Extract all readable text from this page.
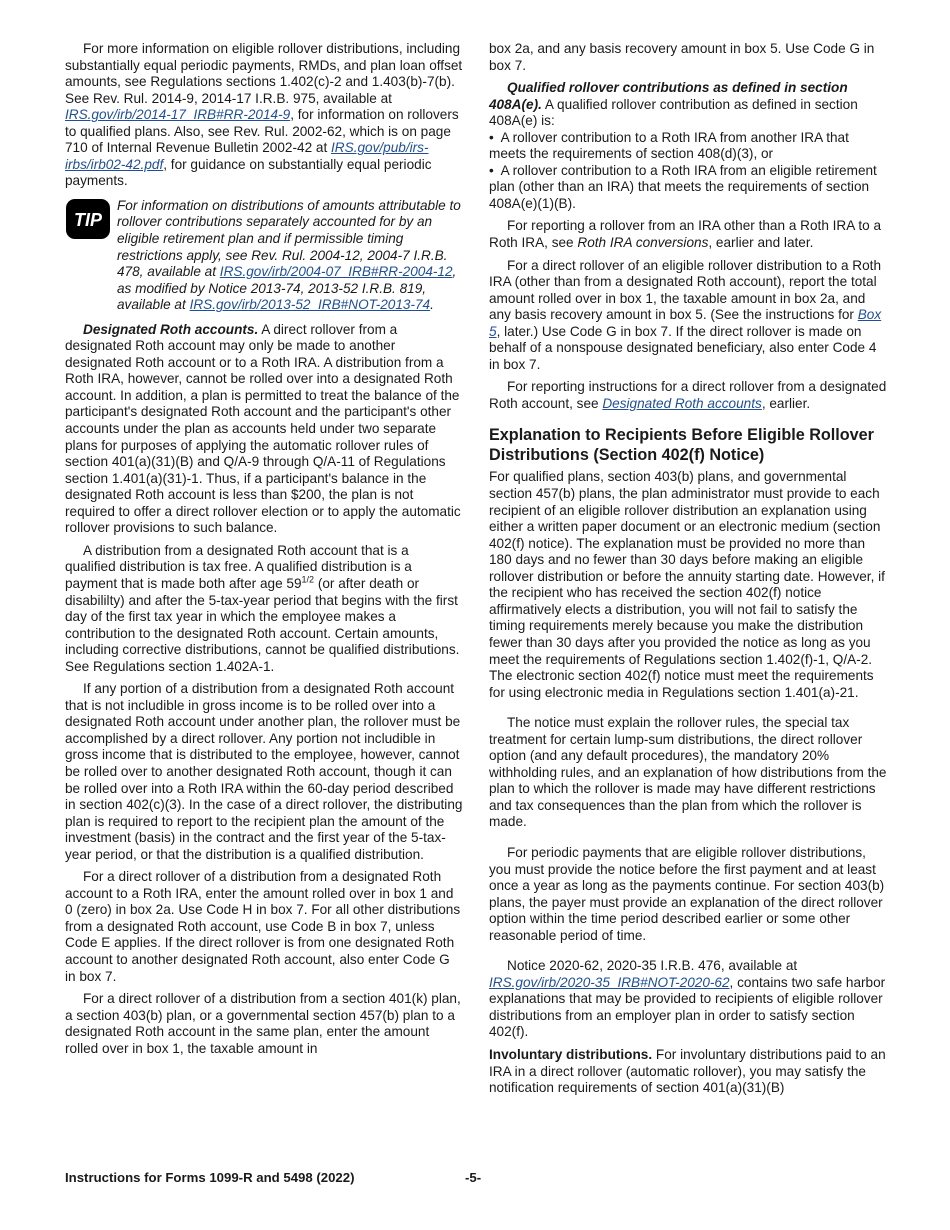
For more information on eligible rollover distributions, including substantially equal periodic payments, RMDs, and plan loan offset amounts, see Regulations sections 1.402(c)-2 and 1.403(b)-7(b). See Rev. Rul. 2014-9, 2014-17 I.R.B. 975, available at IRS.gov/irb/2014-17_IRB#RR-2014-9, for information on rollovers to qualified plans. Also, see Rev. Rul. 2002-62, which is on page 710 of Internal Revenue Bulletin 2002-42 at IRS.gov/pub/irs-irbs/irb02-42.pdf, for guidance on substantially equal periodic payments.

TIP
For information on distributions of amounts attributable to rollover contributions separately accounted for by an eligible retirement plan and if permissible timing restrictions apply, see Rev. Rul. 2004-12, 2004-7 I.R.B. 478, available at IRS.gov/irb/2004-07_IRB#RR-2004-12, as modified by Notice 2013-74, 2013-52 I.R.B. 819, available at IRS.gov/irb/2013-52_IRB#NOT-2013-74.

Designated Roth accounts. A direct rollover from a designated Roth account may only be made to another designated Roth account or to a Roth IRA. A distribution from a Roth IRA, however, cannot be rolled over into a designated Roth account. In addition, a plan is permitted to treat the balance of the participant's designated Roth account and the participant's other accounts under the plan as accounts held under two separate plans for purposes of applying the automatic rollover rules of section 401(a)(31)(B) and Q/A-9 through Q/A-11 of Regulations section 1.401(a)(31)-1. Thus, if a participant's balance in the designated Roth account is less than $200, the plan is not required to offer a direct rollover election or to apply the automatic rollover provisions to such balance.

A distribution from a designated Roth account that is a qualified distribution is tax free. A qualified distribution is a payment that is made both after age $59^{1/2}$ (or after death or disabililty) and after the 5-tax-year period that begins with the first day of the first tax year in which the employee makes a contribution to the designated Roth account. Certain amounts, including corrective distributions, cannot be qualified distributions. See Regulations section 1.402A-1.

If any portion of a distribution from a designated Roth account that is not includible in gross income is to be rolled over into a designated Roth account under another plan, the rollover must be accomplished by a direct rollover. Any portion not includible in gross income that is distributed to the employee, however, cannot be rolled over to another designated Roth account, though it can be rolled over into a Roth IRA within the 60-day period described in section 402(c)(3). In the case of a direct rollover, the distributing plan is required to report to the recipient plan the amount of the investment (basis) in the contract and the first year of the 5-tax-year period, or that the distribution is a qualified distribution.

For a direct rollover of a distribution from a designated Roth account to a Roth IRA, enter the amount rolled over in box 1 and 0 (zero) in box 2a. Use Code H in box 7. For all other distributions from a designated Roth account, use Code B in box 7, unless Code E applies. If the direct rollover is from one designated Roth account to another designated Roth account, also enter Code G in box 7.

For a direct rollover of a distribution from a section 401(k) plan, a section 403(b) plan, or a governmental section 457(b) plan to a designated Roth account in the same plan, enter the amount rolled over in box 1, the taxable amount in

box 2a, and any basis recovery amount in box 5. Use Code G in box 7.

Qualified rollover contributions as defined in section 408A(e). A qualified rollover contribution as defined in section 408A(e) is:

•  A rollover contribution to a Roth IRA from another IRA that meets the requirements of section 408(d)(3), or

•  A rollover contribution to a Roth IRA from an eligible retirement plan (other than an IRA) that meets the requirements of section 408A(e)(1)(B).

For reporting a rollover from an IRA other than a Roth IRA to a Roth IRA, see Roth IRA conversions, earlier and later.

For a direct rollover of an eligible rollover distribution to a Roth IRA (other than from a designated Roth account), report the total amount rolled over in box 1, the taxable amount in box 2a, and any basis recovery amount in box 5. (See the instructions for Box 5, later.) Use Code G in box 7. If the direct rollover is made on behalf of a nonspouse designated beneficiary, also enter Code 4 in box 7.

For reporting instructions for a direct rollover from a designated Roth account, see Designated Roth accounts, earlier.

Explanation to Recipients Before Eligible Rollover Distributions (Section 402(f) Notice)

For qualified plans, section 403(b) plans, and governmental section 457(b) plans, the plan administrator must provide to each recipient of an eligible rollover distribution an explanation using either a written paper document or an electronic medium (section 402(f) notice). The explanation must be provided no more than 180 days and no fewer than 30 days before making an eligible rollover distribution or before the annuity starting date. However, if the recipient who has received the section 402(f) notice affirmatively elects a distribution, you will not fail to satisfy the timing requirements merely because you make the distribution fewer than 30 days after you provided the notice as long as you meet the requirements of Regulations section 1.402(f)-1, Q/A-2. The electronic section 402(f) notice must meet the requirements for using electronic media in Regulations section 1.401(a)-21.

The notice must explain the rollover rules, the special tax treatment for certain lump-sum distributions, the direct rollover option (and any default procedures), the mandatory 20% withholding rules, and an explanation of how distributions from the plan to which the rollover is made may have different restrictions and tax consequences than the plan from which the rollover is made.

For periodic payments that are eligible rollover distributions, you must provide the notice before the first payment and at least once a year as long as the payments continue. For section 403(b) plans, the payer must provide an explanation of the direct rollover option within the time period described earlier or some other reasonable period of time.

Notice 2020-62, 2020-35 I.R.B. 476, available at IRS.gov/irb/2020-35_IRB#NOT-2020-62, contains two safe harbor explanations that may be provided to recipients of eligible rollover distributions from an employer plan in order to satisfy section 402(f).

Involuntary distributions. For involuntary distributions paid to an IRA in a direct rollover (automatic rollover), you may satisfy the notification requirements of section 401(a)(31)(B)

Instructions for Forms 1099-R and 5498 (2022)	-5-
